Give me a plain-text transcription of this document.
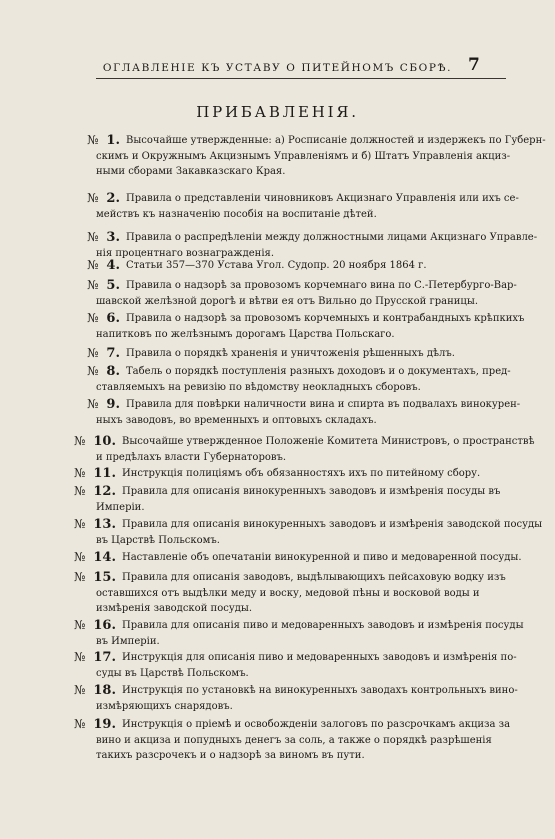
ОГЛАВЛЕНІЕ КЪ УСТАВУ О ПИТЕЙНОМЪ СБОРѢ. 7
ПРИБАВЛЕНІЯ.
№ 1. Высочайше утвержденные: а) Росписаніе должностей и издержекъ по Губерн-
скимъ и Окружнымъ Акцизнымъ Управленіямъ и б) Штатъ Управленія акциз-
ными сборами Закавказскаго Края.
№ 2. Правила о представленіи чиновниковъ Акцизнаго Управленія или ихъ се-
мействъ къ назначенію пособія на воспитаніе дѣтей.
№ 3. Правила о распредѣленіи между должностными лицами Акцизнаго Управле-
нія процентнаго вознагражденія.
№ 4. Статьи 357—370 Устава Угол. Судопр. 20 ноября 1864 г.
№ 5. Правила о надзорѣ за провозомъ корчемнаго вина по С.-Петербурго-Вар-
шавской желѣзной дорогѣ и вѣтви ея отъ Вильно до Прусской границы.
№ 6. Правила о надзорѣ за провозомъ корчемныхъ и контрабандныхъ крѣпкихъ
напитковъ по желѣзнымъ дорогамъ Царства Польскаго.
№ 7. Правила о порядкѣ храненія и уничтоженія рѣшенныхъ дѣлъ.
№ 8. Табель о порядкѣ поступленія разныхъ доходовъ и о документахъ, пред-
ставляемыхъ на ревизію по вѣдомству неокладныхъ сборовъ.
№ 9. Правила для повѣрки наличности вина и спирта въ подвалахъ винокурен-
ныхъ заводовъ, во временныхъ и оптовыхъ складахъ.
№ 10. Высочайше утвержденное Положеніе Комитета Министровъ, о пространствѣ
и предѣлахъ власти Губернаторовъ.
№ 11. Инструкція полиціямъ объ обязанностяхъ ихъ по питейному сбору.
№ 12. Правила для описанія винокуренныхъ заводовъ и измѣренія посуды въ
Имперіи.
№ 13. Правила для описанія винокуренныхъ заводовъ и измѣренія заводской посуды
въ Царствѣ Польскомъ.
№ 14. Наставленіе объ опечатаніи винокуренной и пиво и медоваренной посуды.
№ 15. Правила для описанія заводовъ, выдѣлывающихъ пейсаховую водку изъ
оставшихся отъ выдѣлки меду и воску, медовой пѣны и восковой воды и
измѣренія заводской посуды.
№ 16. Правила для описанія пиво и медоваренныхъ заводовъ и измѣренія посуды
въ Имперіи.
№ 17. Инструкція для описанія пиво и медоваренныхъ заводовъ и измѣренія по-
суды въ Царствѣ Польскомъ.
№ 18. Инструкція по установкѣ на винокуренныхъ заводахъ контрольныхъ вино-
измѣряющихъ снарядовъ.
№ 19. Инструкція о пріемѣ и освобожденіи залоговъ по разсрочкамъ акциза за
вино и акциза и попудныхъ денегъ за соль, а также о порядкѣ разрѣшенія
такихъ разсрочекъ и о надзорѣ за виномъ въ пути.
